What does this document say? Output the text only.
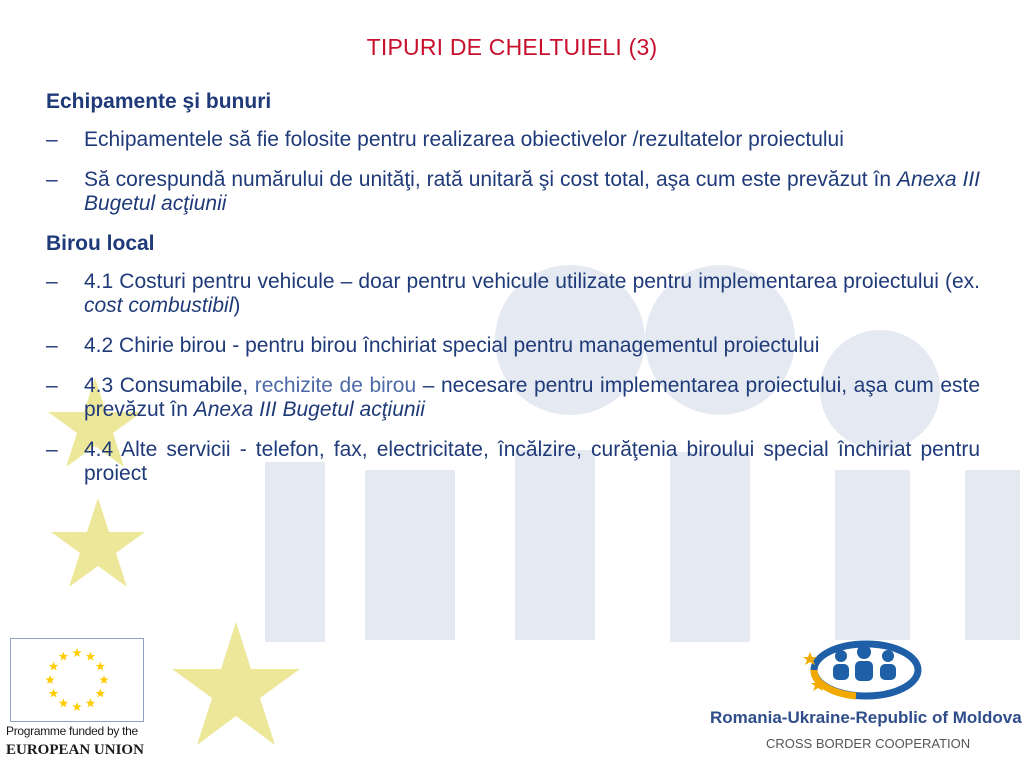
TIPURI DE CHELTUIELI (3)
Echipamente şi bunuri
– Echipamentele să fie folosite pentru realizarea obiectivelor /rezultatelor proiectului
– Să corespundă numărului de unităţi, rată unitară şi cost total, aşa cum este prevăzut în Anexa III Bugetul acţiunii
Birou local
– 4.1 Costuri pentru vehicule – doar pentru vehicule utilizate pentru implementarea proiectului (ex. cost combustibil)
– 4.2 Chirie birou - pentru birou închiriat special pentru managementul proiectului
– 4.3 Consumabile, rechizite de birou – necesare pentru implementarea proiectului, aşa cum este prevăzut în Anexa III Bugetul acţiunii
– 4.4 Alte servicii - telefon, fax, electricitate, încălzire, curăţenia biroului special închiriat pentru proiect
Programme funded by the
EUROPEAN UNION
Romania-Ukraine-Republic of Moldova
CROSS BORDER COOPERATION
